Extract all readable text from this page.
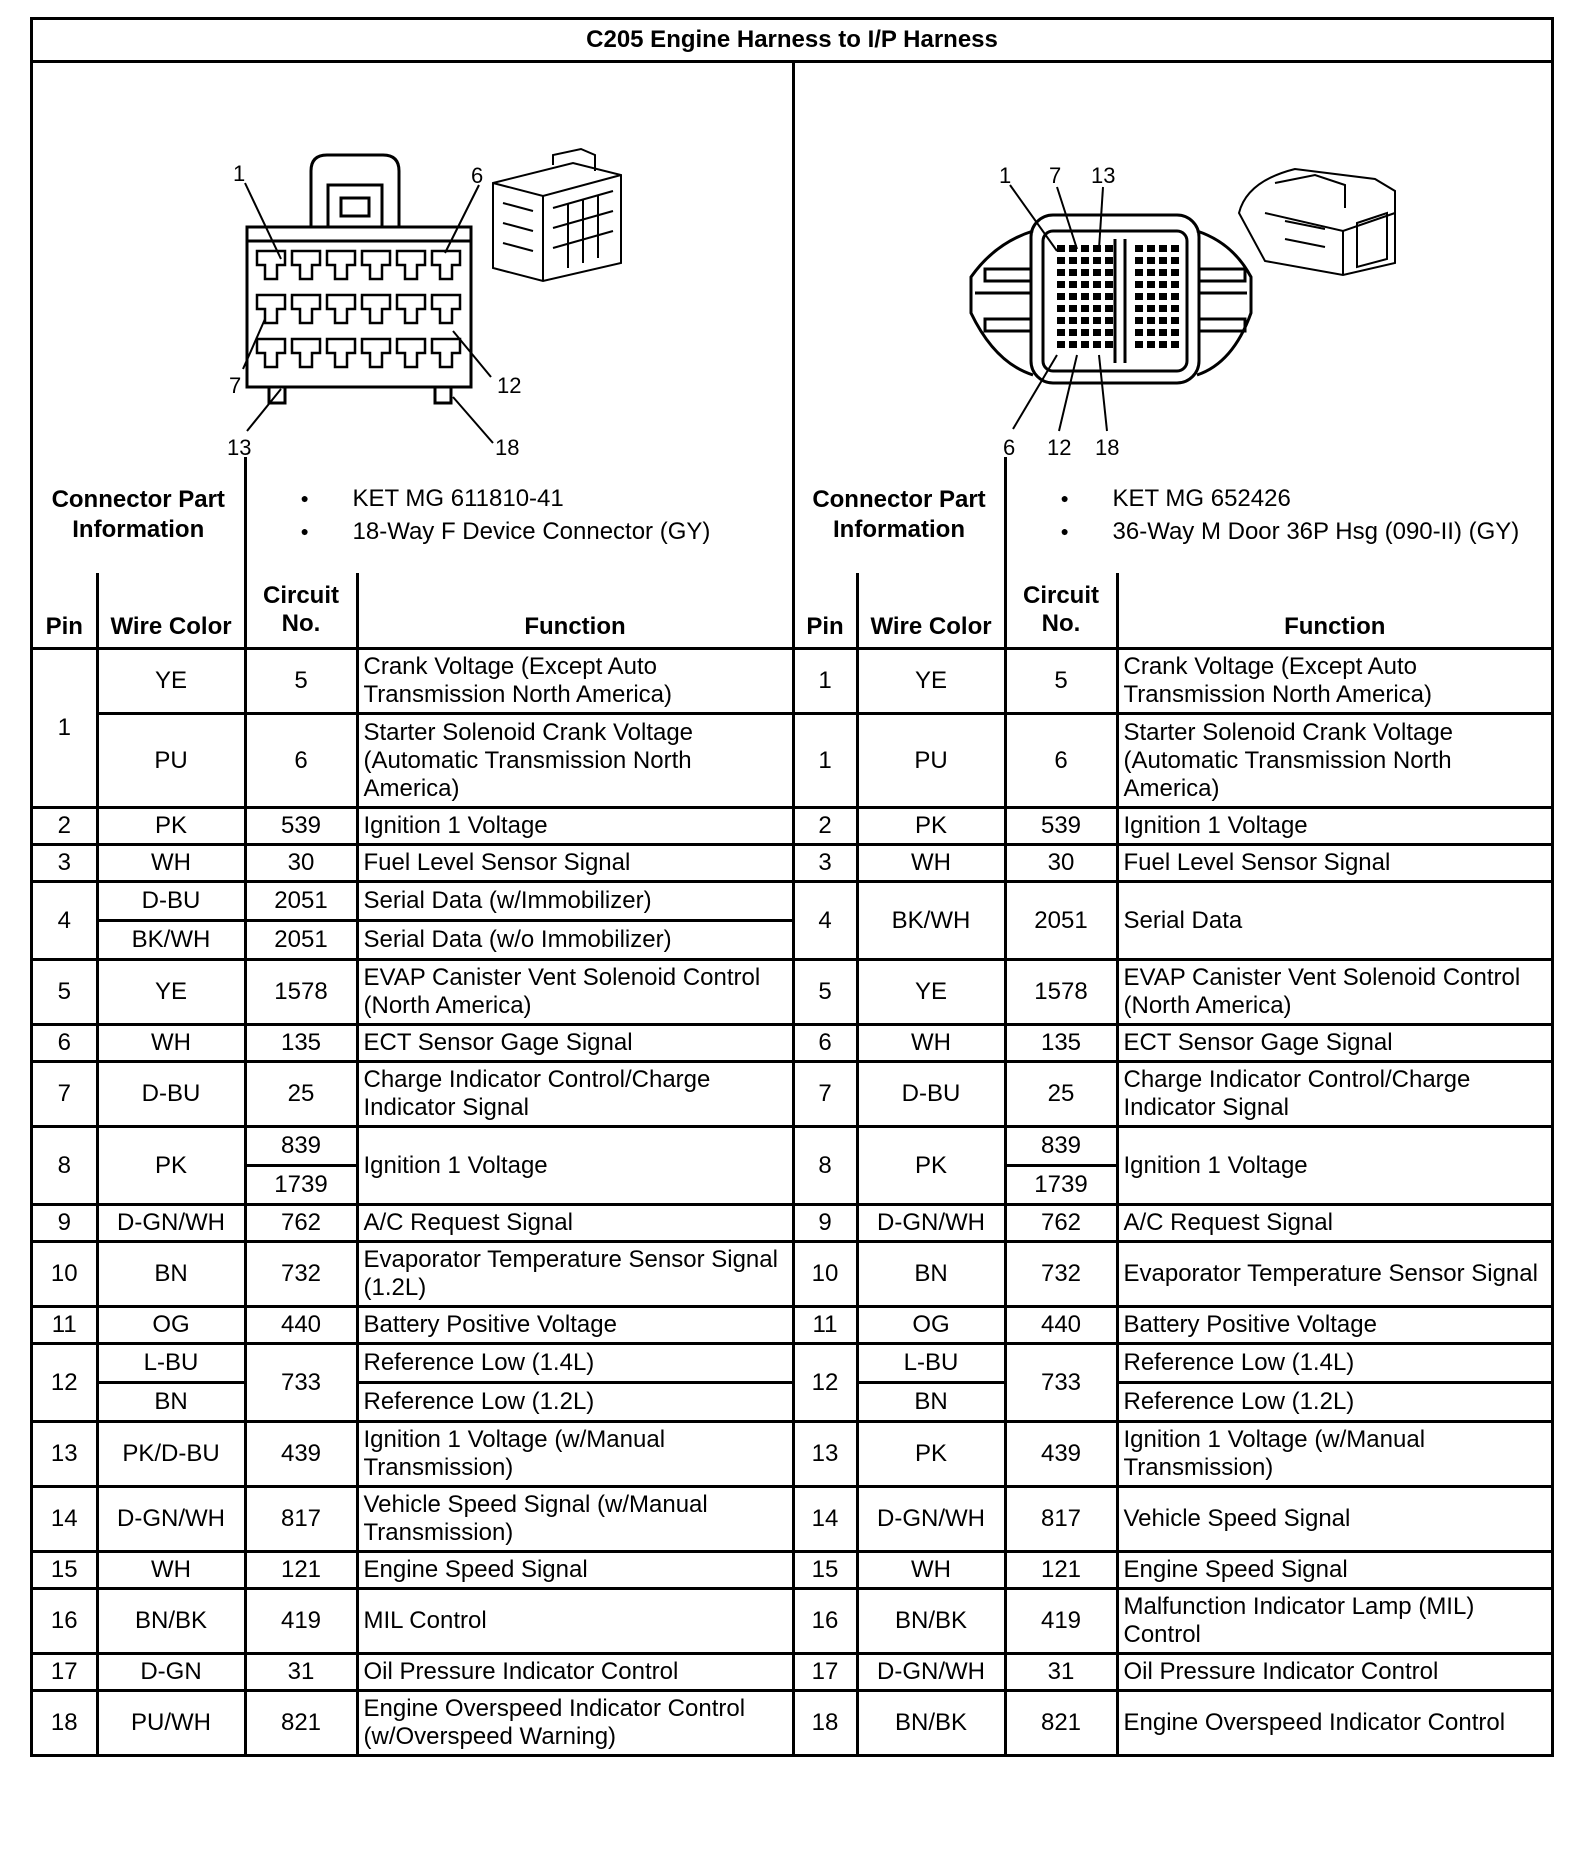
C205 Engine Harness to I/P Harness

1	6
7	12
13	18

1 7 13
6 12 18
Connector Part
Information	
● KET MG 611810-41
● 18-Way F Device Connector (GY)
	Connector Part
Information	
● KET MG 652426
● 36-Way M Door 36P Hsg (090-II) (GY)
Pin	Wire Color	Circuit
No.	Function	Pin	Wire Color	Circuit
No.	Function
1	YE	5	Crank Voltage (Except Auto Transmission North America)	1	YE	5	Crank Voltage (Except Auto Transmission North America)
	PU	6	Starter Solenoid Crank Voltage (Automatic Transmission North America)	1	PU	6	Starter Solenoid Crank Voltage (Automatic Transmission North America)
2	PK	539	Ignition 1 Voltage	2	PK	539	Ignition 1 Voltage
3	WH	30	Fuel Level Sensor Signal	3	WH	30	Fuel Level Sensor Signal
4	D-BU	2051	Serial Data (w/Immobilizer)	4	BK/WH	2051	Serial Data
	BK/WH	2051	Serial Data (w/o Immobilizer)				
5	YE	1578	EVAP Canister Vent Solenoid Control (North America)	5	YE	1578	EVAP Canister Vent Solenoid Control (North America)
6	WH	135	ECT Sensor Gage Signal	6	WH	135	ECT Sensor Gage Signal
7	D-BU	25	Charge Indicator Control/Charge Indicator Signal	7	D-BU	25	Charge Indicator Control/Charge Indicator Signal
8	PK	839	Ignition 1 Voltage	8	PK	839	Ignition 1 Voltage
		1739				1739	
9	D-GN/WH	762	A/C Request Signal	9	D-GN/WH	762	A/C Request Signal
10	BN	732	Evaporator Temperature Sensor Signal (1.2L)	10	BN	732	Evaporator Temperature Sensor Signal
11	OG	440	Battery Positive Voltage	11	OG	440	Battery Positive Voltage
12	L-BU	733	Reference Low (1.4L)	12	L-BU	733	Reference Low (1.4L)
	BN		Reference Low (1.2L)		BN		Reference Low (1.2L)
13	PK/D-BU	439	Ignition 1 Voltage (w/Manual Transmission)	13	PK	439	Ignition 1 Voltage (w/Manual Transmission)
14	D-GN/WH	817	Vehicle Speed Signal (w/Manual Transmission)	14	D-GN/WH	817	Vehicle Speed Signal
15	WH	121	Engine Speed Signal	15	WH	121	Engine Speed Signal
16	BN/BK	419	MIL Control	16	BN/BK	419	Malfunction Indicator Lamp (MIL) Control
17	D-GN	31	Oil Pressure Indicator Control	17	D-GN/WH	31	Oil Pressure Indicator Control
18	PU/WH	821	Engine Overspeed Indicator Control (w/Overspeed Warning)	18	BN/BK	821	Engine Overspeed Indicator Control
